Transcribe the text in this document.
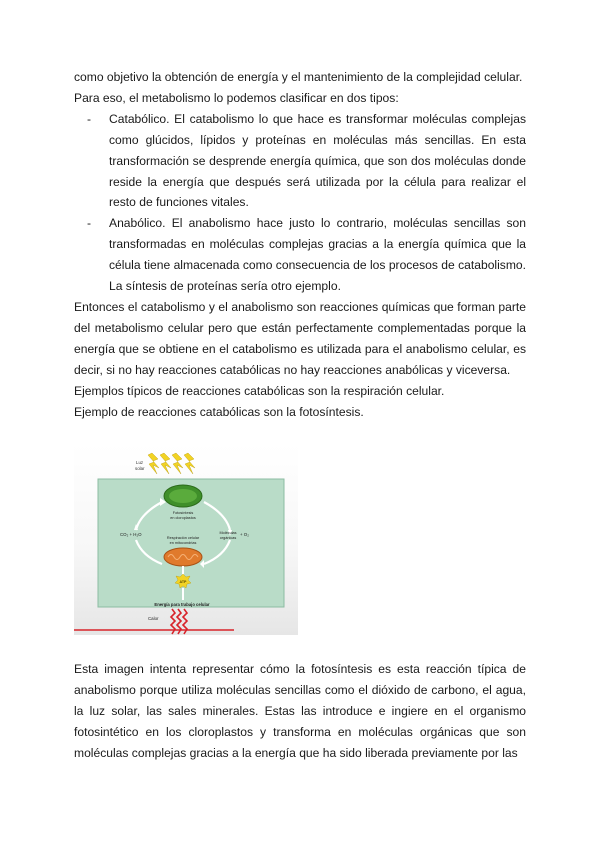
como objetivo la obtención de energía y el mantenimiento de la complejidad celular.

Para eso, el metabolismo lo podemos clasificar en dos tipos:

- Catabólico. El catabolismo lo que hace es transformar moléculas complejas como glúcidos, lípidos y proteínas en moléculas más sencillas. En esta transformación se desprende energía química, que son dos moléculas donde reside la energía que después será utilizada por la célula para realizar el resto de funciones vitales.
- Anabólico. El anabolismo hace justo lo contrario, moléculas sencillas son transformadas en moléculas complejas gracias a la energía química que la célula tiene almacenada como consecuencia de los procesos de catabolismo. La síntesis de proteínas sería otro ejemplo.

Entonces el catabolismo y el anabolismo son reacciones químicas que forman parte del metabolismo celular pero que están perfectamente complementadas porque la energía que se obtiene en el catabolismo es utilizada para el anabolismo celular, es decir, si no hay reacciones catabólicas no hay reacciones anabólicas y viceversa.

Ejemplos típicos de reacciones catabólicas son la respiración celular.

Ejemplo de reacciones catabólicas son la fotosíntesis.

Luz
solar
Fotosíntesis
en cloroplastos
CO₂ + H₂O	Moléculas
orgánicas
+ O₂
Respiración celular
en mitocondrias
ATP
Energía para trabajo celular
Calor

Esta imagen intenta representar cómo la fotosíntesis es esta reacción típica de anabolismo porque utiliza moléculas sencillas como el dióxido de carbono, el agua, la luz solar, las sales minerales. Estas las introduce e ingiere en el organismo fotosintético en los cloroplastos y transforma en moléculas orgánicas que son moléculas complejas gracias a la energía que ha sido liberada previamente por las
